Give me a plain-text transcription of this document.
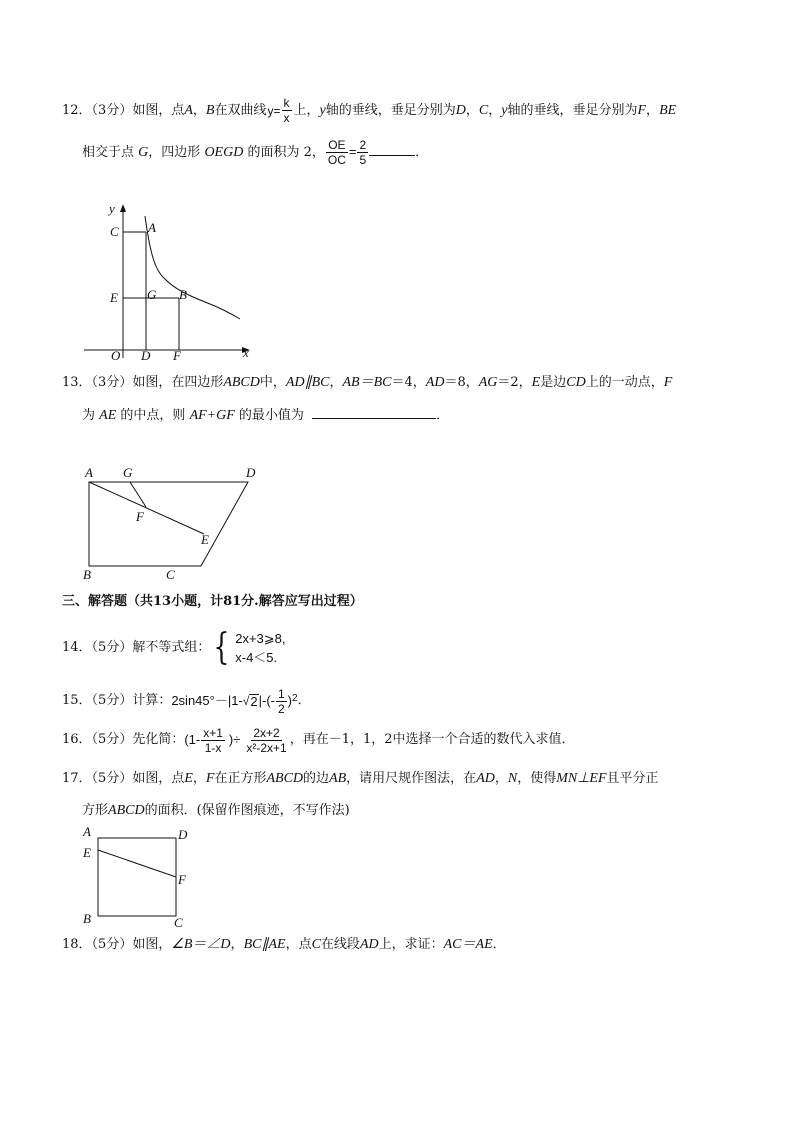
12．（3分）如图，点A，B在双曲线 $y= \frac{k}{x}$ 上，y轴的垂线，垂足分别为D，C，y轴的垂线，垂足分别为F，BE
相交于点 G，四边形 OEGD 的面积为 2， $\frac{OE}{OC} = \frac{2}{5}$	．
y
x
O
C A
E G B
D F
13．（3分）如图，在四边形ABCD中，AD∥BC，AB＝BC＝4，AD＝8，AG＝2，E是边CD上的一动点，F
为 AE 的中点，则 AF+GF 的最小值为	．
A G	D
F
E
B	C
三、解答题（共13小题，计81分.解答应写出过程）
14．（5分）解不等式组： { 2x+3⩾8,
x-4＜5.
15．（5分）计算： 2sin45°－|1- √ 2 |-(- $\frac{1}{2}$ ) 2 ．
16．（5分）先化简： ($1- \frac{x+1}{1-x}$ )÷ $\frac{2x+2}{\text{x²-2x+1}}$ ，再在－1，1，2中选择一个合适的数代入求值．
17．（5分）如图，点E，F在正方形ABCD的边AB，请用尺规作图法，在AD，N，使得MN⊥EF且平分正
方形ABCD的面积．(保留作图痕迹，不写作法)
A	D
E
F
B	C
18．（5分）如图，∠B＝∠D，BC∥AE，点C在线段AD上，求证：AC＝AE．
